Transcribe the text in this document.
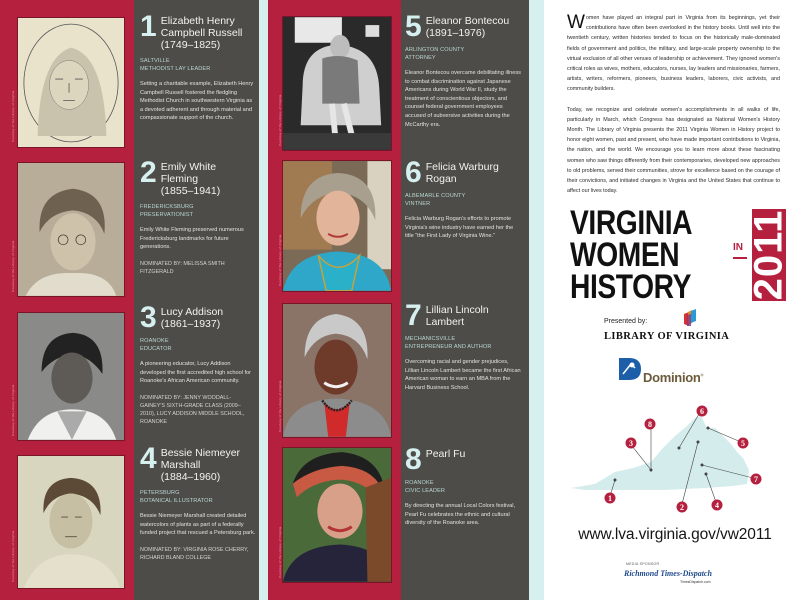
Courtesy of the Library of Virginia
Courtesy of the Library of Virginia
Courtesy of the Library of Virginia
Courtesy of the Library of Virginia
Courtesy of the Library of Virginia
Courtesy of the Library of Virginia
Courtesy of the Library of Virginia
Courtesy of the Library of Virginia
1 Elizabeth Henry
Campbell Russell
(1749–1825)
SALTVILLE
METHODIST LAY LEADER
Setting a charitable example, Elizabeth Henry Campbell Russell fostered the fledgling Methodist Church in southwestern Virginia as a devoted adherent and through material and compassionate support of the church.
2 Emily White Fleming
(1855–1941)
FREDERICKSBURG
PRESERVATIONIST
Emily White Fleming preserved numerous Fredericksburg landmarks for future generations.
NOMINATED BY: MELISSA SMITH FITZGERALD
3 Lucy Addison
(1861–1937)
ROANOKE
EDUCATOR
A pioneering educator, Lucy Addison developed the first accredited high school for Roanoke's African American community.
NOMINATED BY: JENNY WOODALL-GAINEY'S SIXTH-GRADE CLASS (2009–2010), LUCY ADDISON MIDDLE SCHOOL, ROANOKE
4 Bessie Niemeyer Marshall
(1884–1960)
PETERSBURG
BOTANICAL ILLUSTRATOR
Bessie Niemeyer Marshall created detailed watercolors of plants as part of a federally funded project that rescued a Petersburg park.
NOMINATED BY: VIRGINIA ROSE CHERRY, RICHARD BLAND COLLEGE
5 Eleanor Bontecou
(1891–1976)
ARLINGTON COUNTY
ATTORNEY
Eleanor Bontecou overcame debilitating illness to combat discrimination against Japanese Americans during World War II, study the treatment of conscientious objectors, and counsel federal government employees accused of subversive activities during the McCarthy era.
6 Felicia Warburg Rogan
ALBEMARLE COUNTY
VINTNER
Felicia Warburg Rogan's efforts to promote Virginia's wine industry have earned her the title “the First Lady of Virginia Wine.”
7 Lillian Lincoln Lambert
MECHANICSVILLE
ENTREPRENEUR AND AUTHOR
Overcoming racial and gender prejudices, Lillian Lincoln Lambert became the first African American woman to earn an MBA from the Harvard Business School.
8 Pearl Fu
ROANOKE
CIVIC LEADER
By directing the annual Local Colors festival, Pearl Fu celebrates the ethnic and cultural diversity of the Roanoke area.

Women have played an integral part in Virginia from its beginnings, yet their contributions have often been overlooked in the history books. Until well into the twentieth century, written histories tended to focus on the historically male-dominated fields of government and politics, the military, and large-scale property ownership to the virtual exclusion of all other venues of leadership or achievement. They ignored women's critical roles as wives, mothers, educators, nurses, lay leaders and missionaries, farmers, artists, writers, reformers, pioneers, business leaders, laborers, civic activists, and community builders.

Today, we recognize and celebrate women's accomplishments in all walks of life, particularly in March, which Congress has designated as National Women's History Month. The Library of Virginia presents the 2011 Virginia Women in History project to honor eight women, past and present, who have made important contributions to Virginia, the nation, and the world. We encourage you to learn more about these fascinating women who saw things differently from their contemporaries, developed new approaches to old problems, served their communities, strove for excellence based on the courage of their convictions, and initiated changes in Virginia and the United States that continue to affect our lives today.

VIRGINIA
WOMEN
HISTORY
IN 2011
Presented by:
LIBRARY OF VIRGINIA
Dominion®
1
2
3
4
5
6
7
8
www.lva.virginia.gov/vw2011
MEDIA SPONSOR
Richmond Times-Dispatch
TimesDispatch.com
